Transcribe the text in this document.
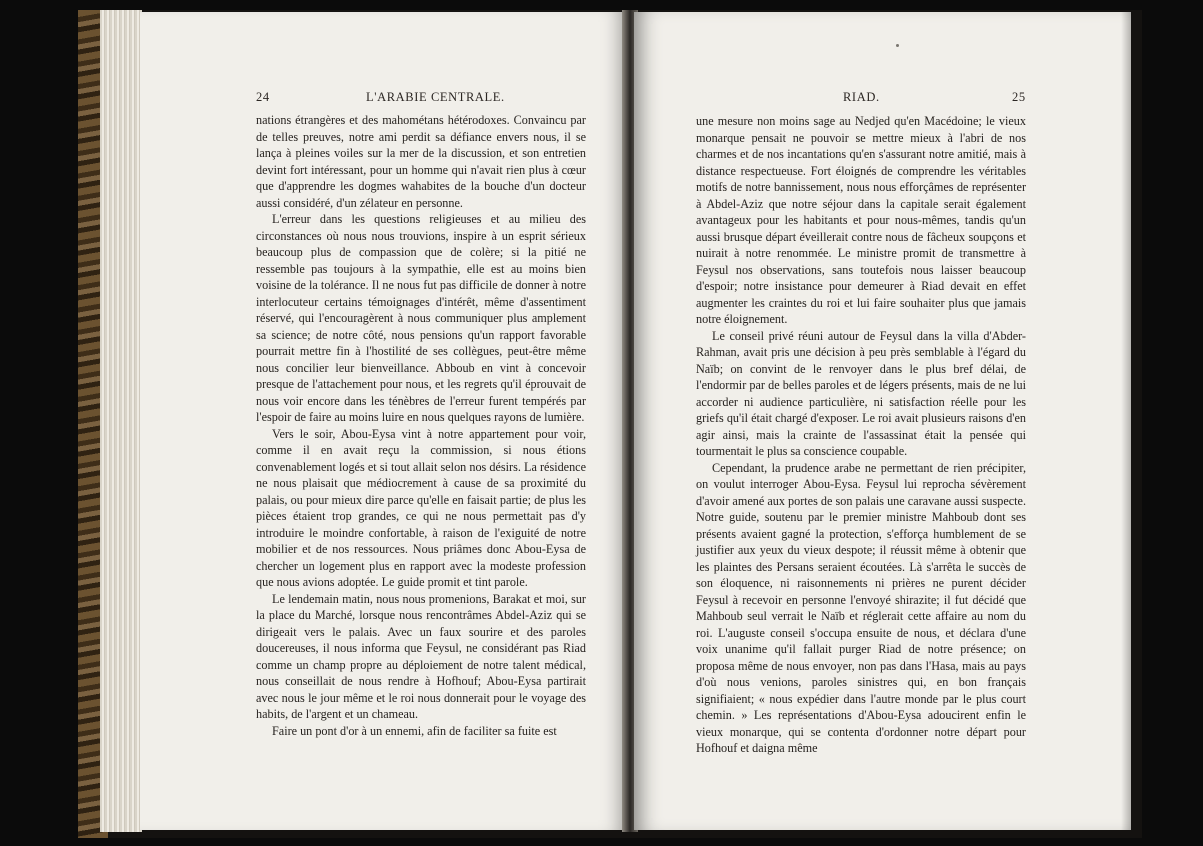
24	L'ARABIE CENTRALE.

nations étrangères et des mahométans hétérodoxes. Convaincu par de telles preuves, notre ami perdit sa défiance envers nous, il se lança à pleines voiles sur la mer de la discussion, et son entretien devint fort intéressant, pour un homme qui n'avait rien plus à cœur que d'apprendre les dogmes wahabites de la bouche d'un docteur aussi considéré, d'un zélateur en personne.

L'erreur dans les questions religieuses et au milieu des circonstances où nous nous trouvions, inspire à un esprit sérieux beaucoup plus de compassion que de colère; si la pitié ne ressemble pas toujours à la sympathie, elle est au moins bien voisine de la tolérance. Il ne nous fut pas difficile de donner à notre interlocuteur certains témoignages d'intérêt, même d'assentiment réservé, qui l'encouragèrent à nous communiquer plus amplement sa science; de notre côté, nous pensions qu'un rapport favorable pourrait mettre fin à l'hostilité de ses collègues, peut-être même nous concilier leur bienveillance. Abboub en vint à concevoir presque de l'attachement pour nous, et les regrets qu'il éprouvait de nous voir encore dans les ténèbres de l'erreur furent tempérés par l'espoir de faire au moins luire en nous quelques rayons de lumière.

Vers le soir, Abou-Eysa vint à notre appartement pour voir, comme il en avait reçu la commission, si nous étions convenablement logés et si tout allait selon nos désirs. La résidence ne nous plaisait que médiocrement à cause de sa proximité du palais, ou pour mieux dire parce qu'elle en faisait partie; de plus les pièces étaient trop grandes, ce qui ne nous permettait pas d'y introduire le moindre confortable, à raison de l'exiguité de notre mobilier et de nos ressources. Nous priâmes donc Abou-Eysa de chercher un logement plus en rapport avec la modeste profession que nous avions adoptée. Le guide promit et tint parole.

Le lendemain matin, nous nous promenions, Barakat et moi, sur la place du Marché, lorsque nous rencontrâmes Abdel-Aziz qui se dirigeait vers le palais. Avec un faux sourire et des paroles doucereuses, il nous informa que Feysul, ne considérant pas Riad comme un champ propre au déploiement de notre talent médical, nous conseillait de nous rendre à Hofhouf; Abou-Eysa partirait avec nous le jour même et le roi nous donnerait pour le voyage des habits, de l'argent et un chameau.

Faire un pont d'or à un ennemi, afin de faciliter sa fuite est

RIAD.	25

une mesure non moins sage au Nedjed qu'en Macédoine; le vieux monarque pensait ne pouvoir se mettre mieux à l'abri de nos charmes et de nos incantations qu'en s'assurant notre amitié, mais à distance respectueuse. Fort éloignés de comprendre les véritables motifs de notre bannissement, nous nous efforçâmes de représenter à Abdel-Aziz que notre séjour dans la capitale serait également avantageux pour les habitants et pour nous-mêmes, tandis qu'un aussi brusque départ éveillerait contre nous de fâcheux soupçons et nuirait à notre renommée. Le ministre promit de transmettre à Feysul nos observations, sans toutefois nous laisser beaucoup d'espoir; notre insistance pour demeurer à Riad devait en effet augmenter les craintes du roi et lui faire souhaiter plus que jamais notre éloignement.

Le conseil privé réuni autour de Feysul dans la villa d'Abder-Rahman, avait pris une décision à peu près semblable à l'égard du Naïb; on convint de le renvoyer dans le plus bref délai, de l'endormir par de belles paroles et de légers présents, mais de ne lui accorder ni audience particulière, ni satisfaction réelle pour les griefs qu'il était chargé d'exposer. Le roi avait plusieurs raisons d'en agir ainsi, mais la crainte de l'assassinat était la pensée qui tourmentait le plus sa conscience coupable.

Cependant, la prudence arabe ne permettant de rien précipiter, on voulut interroger Abou-Eysa. Feysul lui reprocha sévèrement d'avoir amené aux portes de son palais une caravane aussi suspecte. Notre guide, soutenu par le premier ministre Mahboub dont ses présents avaient gagné la protection, s'efforça humblement de se justifier aux yeux du vieux despote; il réussit même à obtenir que les plaintes des Persans seraient écoutées. Là s'arrêta le succès de son éloquence, ni raisonnements ni prières ne purent décider Feysul à recevoir en personne l'envoyé shirazite; il fut décidé que Mahboub seul verrait le Naïb et réglerait cette affaire au nom du roi. L'auguste conseil s'occupa ensuite de nous, et déclara d'une voix unanime qu'il fallait purger Riad de notre présence; on proposa même de nous envoyer, non pas dans l'Hasa, mais au pays d'où nous venions, paroles sinistres qui, en bon français signifiaient; « nous expédier dans l'autre monde par le plus court chemin. » Les représentations d'Abou-Eysa adoucirent enfin le vieux monarque, qui se contenta d'ordonner notre départ pour Hofhouf et daigna même
